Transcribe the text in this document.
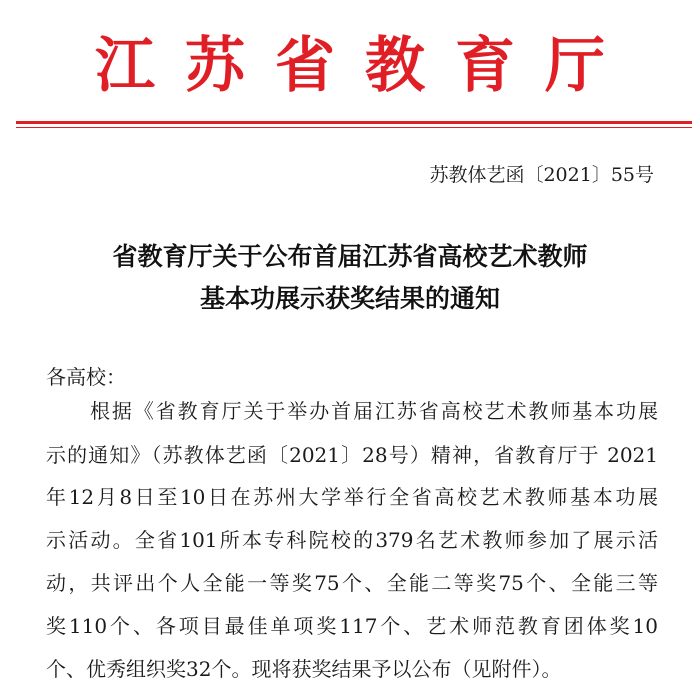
江 苏 省 教 育 厅
苏教体艺函〔2021〕55号
省教育厅关于公布首届江苏省高校艺术教师
基本功展示获奖结果的通知
各高校：
根据《省教育厅关于举办首届江苏省高校艺术教师基本功展
示的通知》（苏教体艺函〔2021〕28号）精神，省教育厅于 2021
年12月8日至10日在苏州大学举行全省高校艺术教师基本功展
示活动。全省101所本专科院校的379名艺术教师参加了展示活
动，共评出个人全能一等奖75个、全能二等奖75个、全能三等
奖110个、各项目最佳单项奖117个、艺术师范教育团体奖10
个、优秀组织奖32个。现将获奖结果予以公布（见附件）。
